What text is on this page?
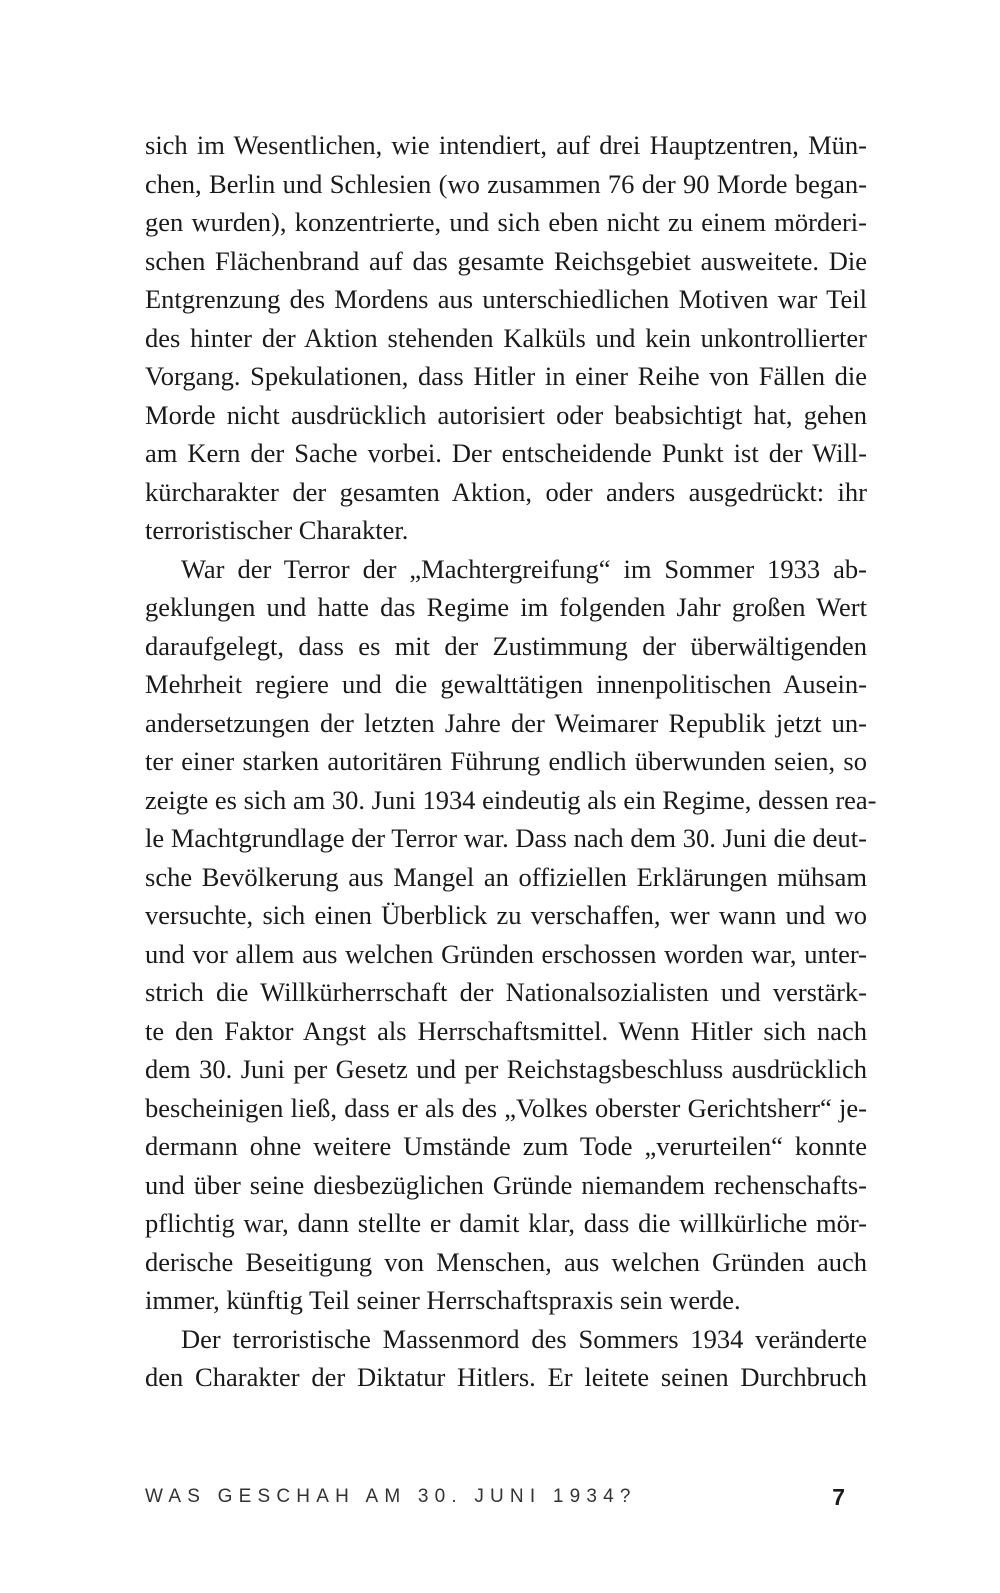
sich im Wesentlichen, wie intendiert, auf drei Hauptzentren, Mün-
chen, Berlin und Schlesien (wo zusammen 76 der 90 Morde began-
gen wurden), konzentrierte, und sich eben nicht zu einem mörderi-
schen Flächenbrand auf das gesamte Reichsgebiet ausweitete. Die
Entgrenzung des Mordens aus unterschiedlichen Motiven war Teil
des hinter der Aktion stehenden Kalküls und kein unkontrollierter
Vorgang. Spekulationen, dass Hitler in einer Reihe von Fällen die
Morde nicht ausdrücklich autorisiert oder beabsichtigt hat, gehen
am Kern der Sache vorbei. Der entscheidende Punkt ist der Will-
kürcharakter der gesamten Aktion, oder anders ausgedrückt: ihr
terroristischer Charakter.
War der Terror der „Machtergreifung“ im Sommer 1933 ab-
geklungen und hatte das Regime im folgenden Jahr großen Wert
daraufgelegt, dass es mit der Zustimmung der überwältigenden
Mehrheit regiere und die gewalttätigen innenpolitischen Ausein-
andersetzungen der letzten Jahre der Weimarer Republik jetzt un-
ter einer starken autoritären Führung endlich überwunden seien, so
zeigte es sich am 30. Juni 1934 eindeutig als ein Regime, dessen rea-
le Machtgrundlage der Terror war. Dass nach dem 30. Juni die deut-
sche Bevölkerung aus Mangel an offiziellen Erklärungen mühsam
versuchte, sich einen Überblick zu verschaffen, wer wann und wo
und vor allem aus welchen Gründen erschossen worden war, unter-
strich die Willkürherrschaft der Nationalsozialisten und verstärk-
te den Faktor Angst als Herrschaftsmittel. Wenn Hitler sich nach
dem 30. Juni per Gesetz und per Reichstagsbeschluss ausdrücklich
bescheinigen ließ, dass er als des „Volkes oberster Gerichtsherr“ je-
dermann ohne weitere Umstände zum Tode „verurteilen“ konnte
und über seine diesbezüglichen Gründe niemandem rechenschafts-
pflichtig war, dann stellte er damit klar, dass die willkürliche mör-
derische Beseitigung von Menschen, aus welchen Gründen auch
immer, künftig Teil seiner Herrschaftspraxis sein werde.
Der terroristische Massenmord des Sommers 1934 veränderte
den Charakter der Diktatur Hitlers. Er leitete seinen Durchbruch
WAS GESCHAH AM 30. JUNI 1934?	7
